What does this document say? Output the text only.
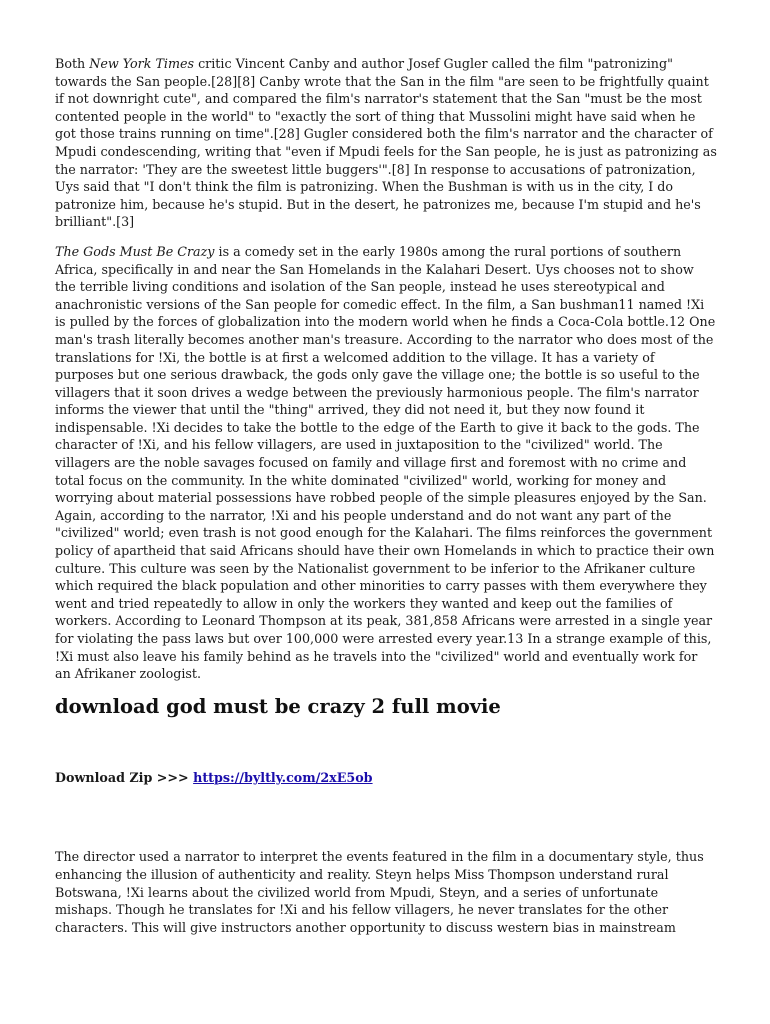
Both New York Times critic Vincent Canby and author Josef Gugler called the film "patronizing" towards the San people.[28][8] Canby wrote that the San in the film "are seen to be frightfully quaint if not downright cute", and compared the film's narrator's statement that the San "must be the most contented people in the world" to "exactly the sort of thing that Mussolini might have said when he got those trains running on time".[28] Gugler considered both the film's narrator and the character of Mpudi condescending, writing that "even if Mpudi feels for the San people, he is just as patronizing as the narrator: 'They are the sweetest little buggers'".[8] In response to accusations of patronization, Uys said that "I don't think the film is patronizing. When the Bushman is with us in the city, I do patronize him, because he's stupid. But in the desert, he patronizes me, because I'm stupid and he's brilliant".[3]

The Gods Must Be Crazy is a comedy set in the early 1980s among the rural portions of southern Africa, specifically in and near the San Homelands in the Kalahari Desert. Uys chooses not to show the terrible living conditions and isolation of the San people, instead he uses stereotypical and anachronistic versions of the San people for comedic effect. In the film, a San bushman11 named !Xi is pulled by the forces of globalization into the modern world when he finds a Coca-Cola bottle.12 One man's trash literally becomes another man's treasure. According to the narrator who does most of the translations for !Xi, the bottle is at first a welcomed addition to the village. It has a variety of purposes but one serious drawback, the gods only gave the village one; the bottle is so useful to the villagers that it soon drives a wedge between the previously harmonious people. The film's narrator informs the viewer that until the "thing" arrived, they did not need it, but they now found it indispensable. !Xi decides to take the bottle to the edge of the Earth to give it back to the gods. The character of !Xi, and his fellow villagers, are used in juxtaposition to the "civilized" world. The villagers are the noble savages focused on family and village first and foremost with no crime and total focus on the community. In the white dominated "civilized" world, working for money and worrying about material possessions have robbed people of the simple pleasures enjoyed by the San. Again, according to the narrator, !Xi and his people understand and do not want any part of the "civilized" world; even trash is not good enough for the Kalahari. The films reinforces the government policy of apartheid that said Africans should have their own Homelands in which to practice their own culture. This culture was seen by the Nationalist government to be inferior to the Afrikaner culture which required the black population and other minorities to carry passes with them everywhere they went and tried repeatedly to allow in only the workers they wanted and keep out the families of workers. According to Leonard Thompson at its peak, 381,858 Africans were arrested in a single year for violating the pass laws but over 100,000 were arrested every year.13 In a strange example of this, !Xi must also leave his family behind as he travels into the "civilized" world and eventually work for an Afrikaner zoologist.

download god must be crazy 2 full movie

Download Zip >>> https://byltly.com/2xE5ob

The director used a narrator to interpret the events featured in the film in a documentary style, thus enhancing the illusion of authenticity and reality. Steyn helps Miss Thompson understand rural Botswana, !Xi learns about the civilized world from Mpudi, Steyn, and a series of unfortunate mishaps. Though he translates for !Xi and his fellow villagers, he never translates for the other characters. This will give instructors another opportunity to discuss western bias in mainstream
